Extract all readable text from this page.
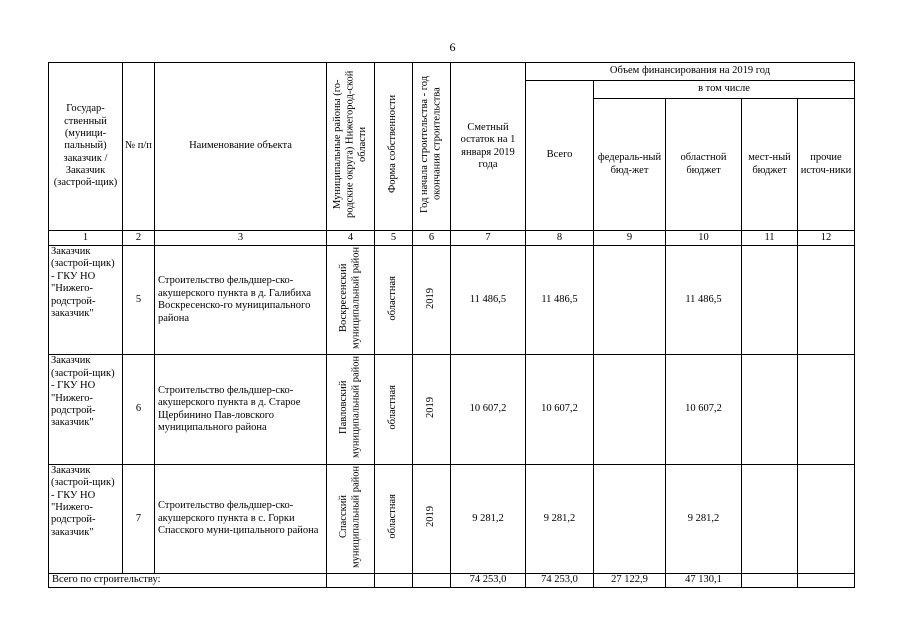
6
Государ-ственный (муници-пальный) заказчик / Заказчик (застрой-щик)	№ п/п	Наименование объекта	Муниципальные районы (го-родские округа) Нижегород-ской области	Форма собственности	Год начала строительства - год окончания строительства	Сметный остаток на 1 января 2019 года	Объем финансирования на 2019 год				
							Всего	в том числе			
								федераль-ный бюд-жет	областной бюджет	мест-ный бюджет	прочие источ-ники
1	2	3	4	5	6	7	8	9	10	11	12
Заказчик (застрой-щик) - ГКУ НО "Нижего-родстрой-заказчик"	5	Строительство фельдшер-ско-акушерского пункта в д. Галибиха Воскресенско-го муниципального района	Воскресенский муниципальный район	областная	2019	11 486,5	11 486,5		11 486,5		
Заказчик (застрой-щик) - ГКУ НО "Нижего-родстрой-заказчик"	6	Строительство фельдшер-ско-акушерского пункта в д. Старое Щербинино Пав-ловского муниципального района	Павловский муниципальный район	областная	2019	10 607,2	10 607,2		10 607,2		
Заказчик (застрой-щик) - ГКУ НО "Нижего-родстрой-заказчик"	7	Строительство фельдшер-ско-акушерского пункта в с. Горки Спасского муни-ципального района	Спасский муниципальный район	областная	2019	9 281,2	9 281,2		9 281,2		
Всего по строительству:						74 253,0	74 253,0	27 122,9	47 130,1		
